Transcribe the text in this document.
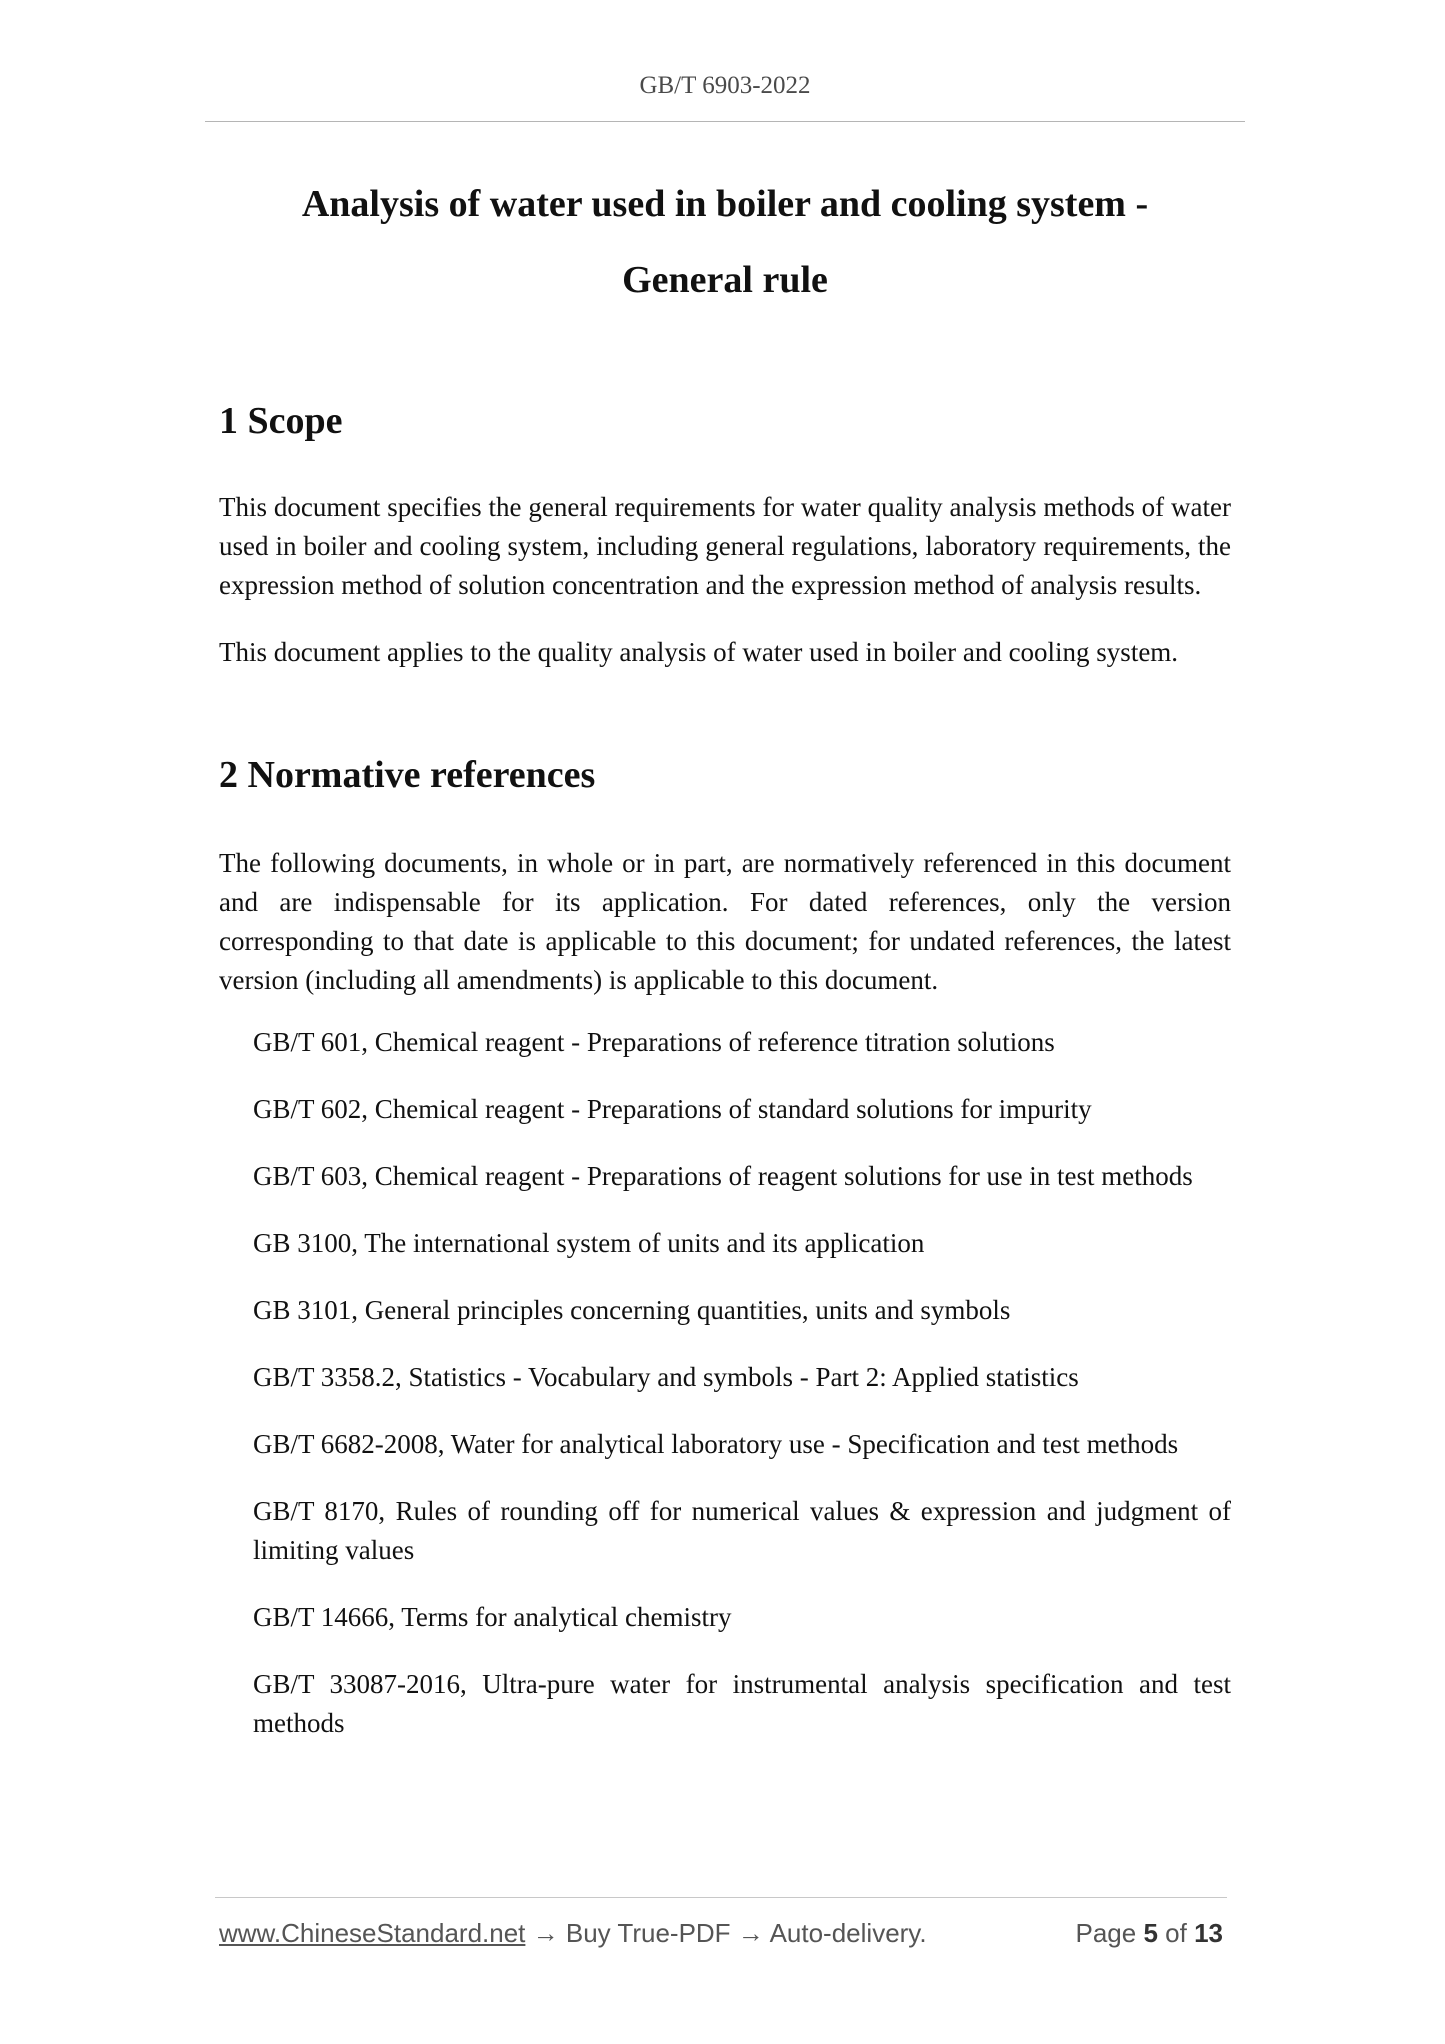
GB/T 6903-2022
Analysis of water used in boiler and cooling system -
General rule
1 Scope

This document specifies the general requirements for water quality analysis methods of water used in boiler and cooling system, including general regulations, laboratory requirements, the expression method of solution concentration and the expression method of analysis results.

This document applies to the quality analysis of water used in boiler and cooling system.

2 Normative references

The following documents, in whole or in part, are normatively referenced in this document and are indispensable for its application. For dated references, only the version corresponding to that date is applicable to this document; for undated references, the latest version (including all amendments) is applicable to this document.

GB/T 601, Chemical reagent - Preparations of reference titration solutions

GB/T 602, Chemical reagent - Preparations of standard solutions for impurity

GB/T 603, Chemical reagent - Preparations of reagent solutions for use in test methods

GB 3100, The international system of units and its application

GB 3101, General principles concerning quantities, units and symbols

GB/T 3358.2, Statistics - Vocabulary and symbols - Part 2: Applied statistics

GB/T 6682-2008, Water for analytical laboratory use - Specification and test methods

GB/T 8170, Rules of rounding off for numerical values & expression and judgment of limiting values

GB/T 14666, Terms for analytical chemistry

GB/T 33087-2016, Ultra-pure water for instrumental analysis specification and test methods

www.ChineseStandard.net → Buy True-PDF → Auto-delivery.	Page 5 of 13
